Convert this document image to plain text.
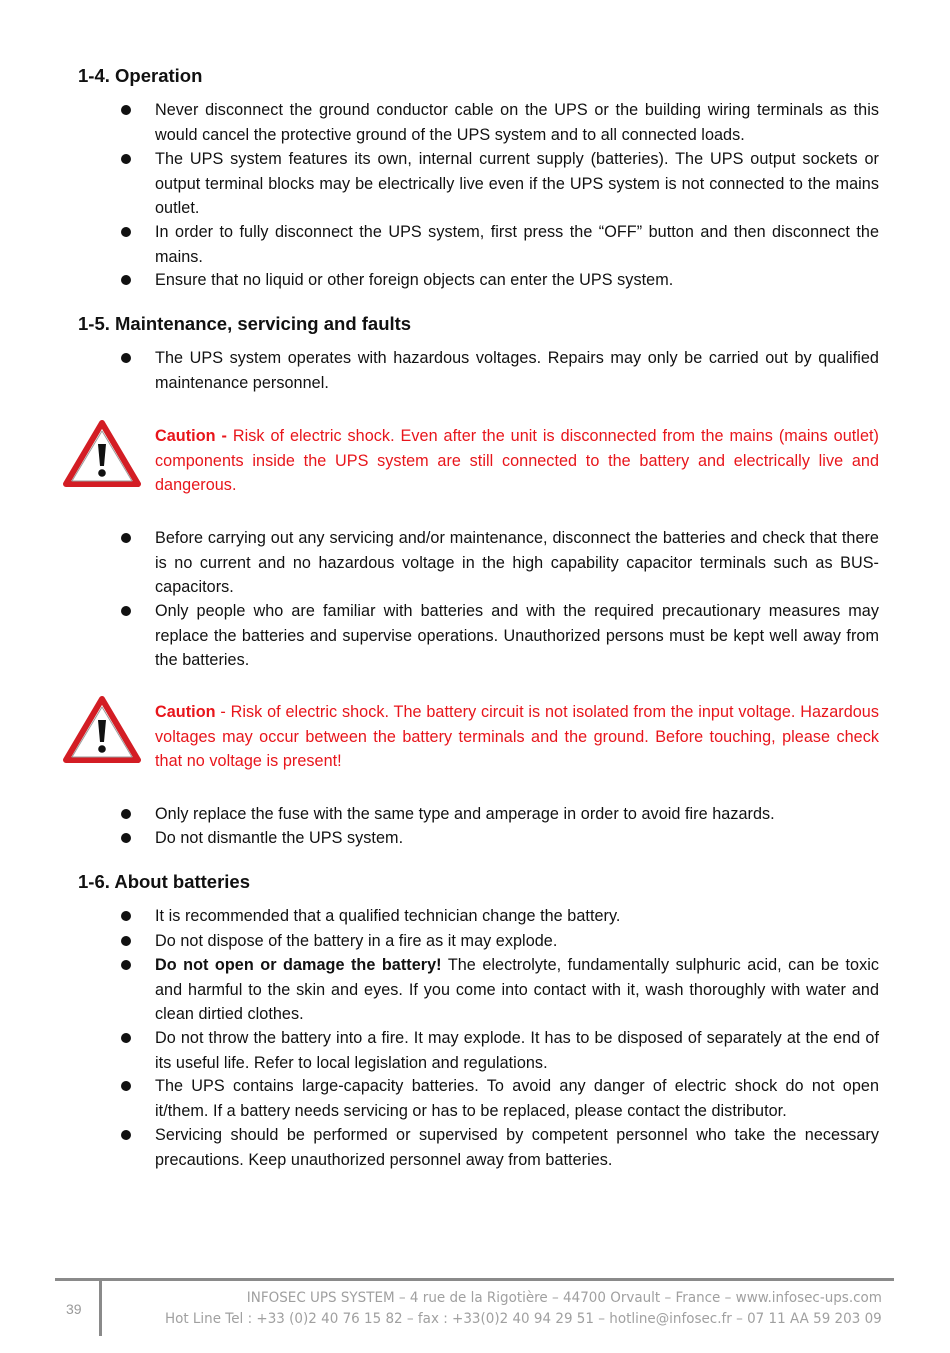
1-4. Operation

Never disconnect the ground conductor cable on the UPS or the building wiring terminals as this would cancel the protective ground of the UPS system and to all connected loads.

The UPS system features its own, internal current supply (batteries). The UPS output sockets or output terminal blocks may be electrically live even if the UPS system is not connected to the mains outlet.

In order to fully disconnect the UPS system, first press the “OFF” button and then disconnect the mains.

Ensure that no liquid or other foreign objects can enter the UPS system.

1-5. Maintenance, servicing and faults

The UPS system operates with hazardous voltages. Repairs may only be carried out by qualified maintenance personnel.

Caution - Risk of electric shock. Even after the unit is disconnected from the mains (mains outlet) components inside the UPS system are still connected to the battery and electrically live and dangerous.

Before carrying out any servicing and/or maintenance, disconnect the batteries and check that there is no current and no hazardous voltage in the high capability capacitor terminals such as BUS-capacitors.

Only people who are familiar with batteries and with the required precautionary measures may replace the batteries and supervise operations. Unauthorized persons must be kept well away from the batteries.

Caution - Risk of electric shock. The battery circuit is not isolated from the input voltage. Hazardous voltages may occur between the battery terminals and the ground. Before touching, please check that no voltage is present!

Only replace the fuse with the same type and amperage in order to avoid fire hazards.

Do not dismantle the UPS system.

1-6. About batteries

It is recommended that a qualified technician change the battery.

Do not dispose of the battery in a fire as it may explode.

Do not open or damage the battery! The electrolyte, fundamentally sulphuric acid, can be toxic and harmful to the skin and eyes. If you come into contact with it, wash thoroughly with water and clean dirtied clothes.

Do not throw the battery into a fire. It may explode. It has to be disposed of separately at the end of its useful life. Refer to local legislation and regulations.

The UPS contains large-capacity batteries. To avoid any danger of electric shock do not open it/them. If a battery needs servicing or has to be replaced, please contact the distributor.

Servicing should be performed or supervised by competent personnel who take the necessary precautions. Keep unauthorized personnel away from batteries.

39
INFOSEC UPS SYSTEM – 4 rue de la Rigotière – 44700 Orvault – France – www.infosec-ups.com
Hot Line Tel : +33 (0)2 40 76 15 82 – fax : +33(0)2 40 94 29 51 – hotline@infosec.fr – 07 11 AA 59 203 09
